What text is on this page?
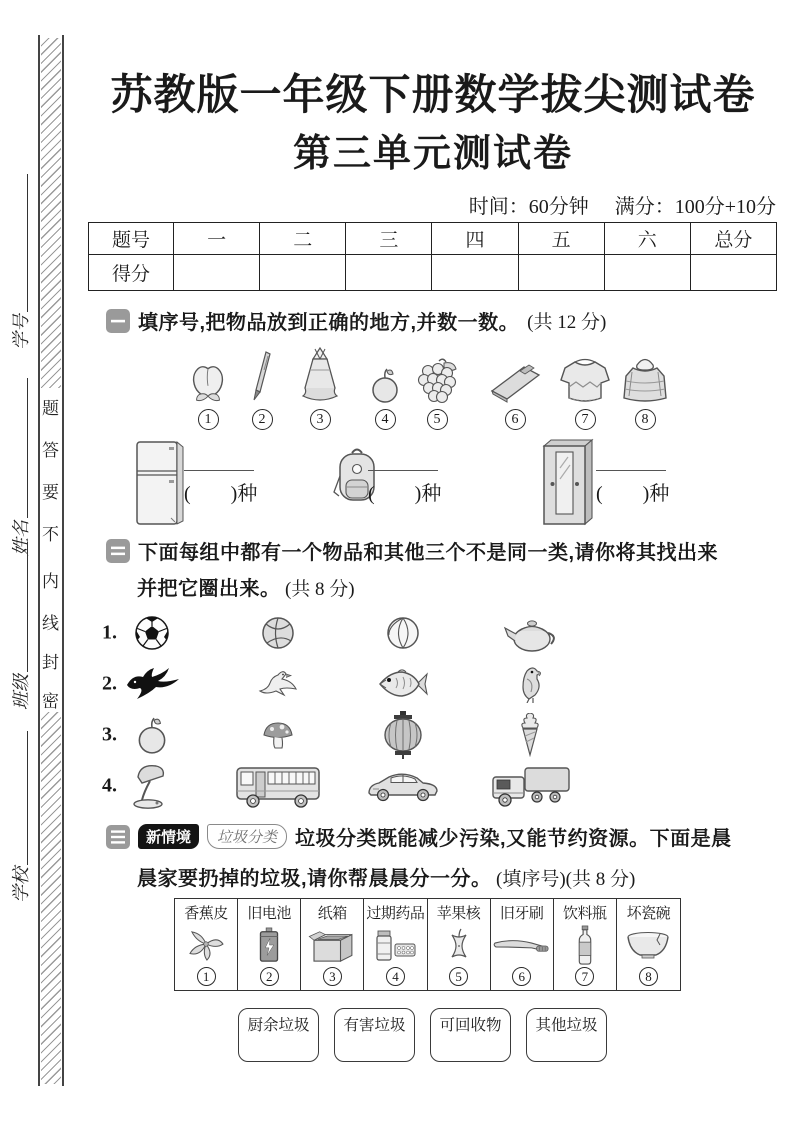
题
答
要
不
内
线
封
密
学号
姓名
班级
学校
苏教版一年级下册数学拔尖测试卷
第三单元测试卷
时间：60分钟 满分：100分+10分
题号	一	二	三	四	五	六	总分
得分							
填序号,把物品放到正确的地方,并数一数。 (共 12 分)
1	2	3	4	5	6	7	8
(　　)种	(　　)种	(　　)种
下面每组中都有一个物品和其他三个不是同一类,请你将其找出来
并把它圈出来。 (共 8 分)
1.
2.
3.
4.
新情境	垃圾分类 垃圾分类既能减少污染,又能节约资源。下面是晨
晨家要扔掉的垃圾,请你帮晨晨分一分。 (填序号)(共 8 分)
香蕉皮
1
旧电池
2
纸箱
3
过期药品
4
苹果核
5
旧牙刷
6
饮料瓶
7
坏瓷碗
8
厨余垃圾	有害垃圾	可回收物	其他垃圾
